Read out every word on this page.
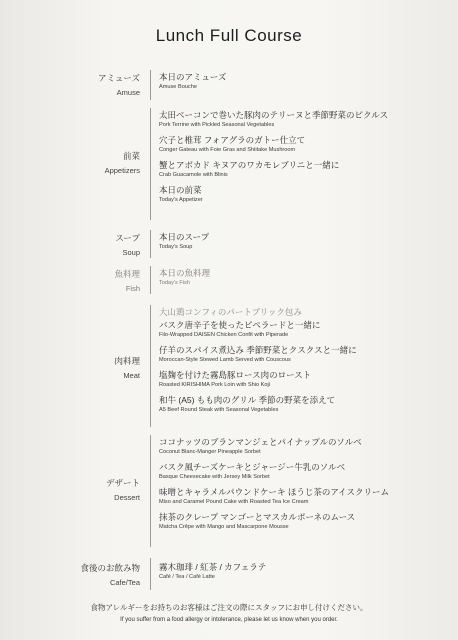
Lunch Full Course
アミューズ
Amuse
本日のアミューズ
Amuse Bouche
前菜
Appetizers
太田ベーコンで巻いた豚肉のテリーヌと季節野菜のピクルス
Pork Terrine with Pickled Seasonal Vegetables
穴子と椎茸 フォアグラのガトー仕立て
Conger Gateau with Foie Gras and Shiitake Mushroom
蟹とアボカド キヌアのワカモレブリニと一緒に
Crab Guacamole with Blinis
本日の前菜
Today's Appetizer
スープ
Soup
本日のスープ
Today's Soup
魚料理
Fish
本日の魚料理
Today's Fish
肉料理
Meat
大山鶏コンフィのパートブリック包み
バスク唐辛子を使ったピペラードと一緒に
Filo-Wrapped DAISEN Chicken Confit with Piperade
仔羊のスパイス煮込み 季節野菜とクスクスと一緒に
Moroccan-Style Stewed Lamb Served with Couscous
塩麹を付けた霧島豚ロース肉のロースト
Roasted KIRISHIMA Pork Loin with Shio Koji
和牛 (A5) もも肉のグリル 季節の野菜を添えて
A5 Beef Round Steak with Seasonal Vegetables
デザート
Dessert
ココナッツのブランマンジェとパイナップルのソルベ
Coconut Blanc-Manger Pineapple Sorbet
バスク風チーズケーキとジャージー牛乳のソルベ
Basque Cheesecake with Jersey Milk Sorbet
味噌とキャラメルパウンドケーキ ほうじ茶のアイスクリーム
Miso and Caramel Pound Cake with Roasted Tea Ice Cream
抹茶のクレープ マンゴーとマスカルポーネのムース
Matcha Crêpe with Mango and Mascarpone Mousse
食後のお飲み物
Cafe/Tea
霧木珈琲 / 紅茶 / カフェラテ
Café / Tea / Café Latte
食物アレルギーをお持ちのお客様はご注文の際にスタッフにお申し付けください。
If you suffer from a food allergy or intolerance, please let us know when you order.
